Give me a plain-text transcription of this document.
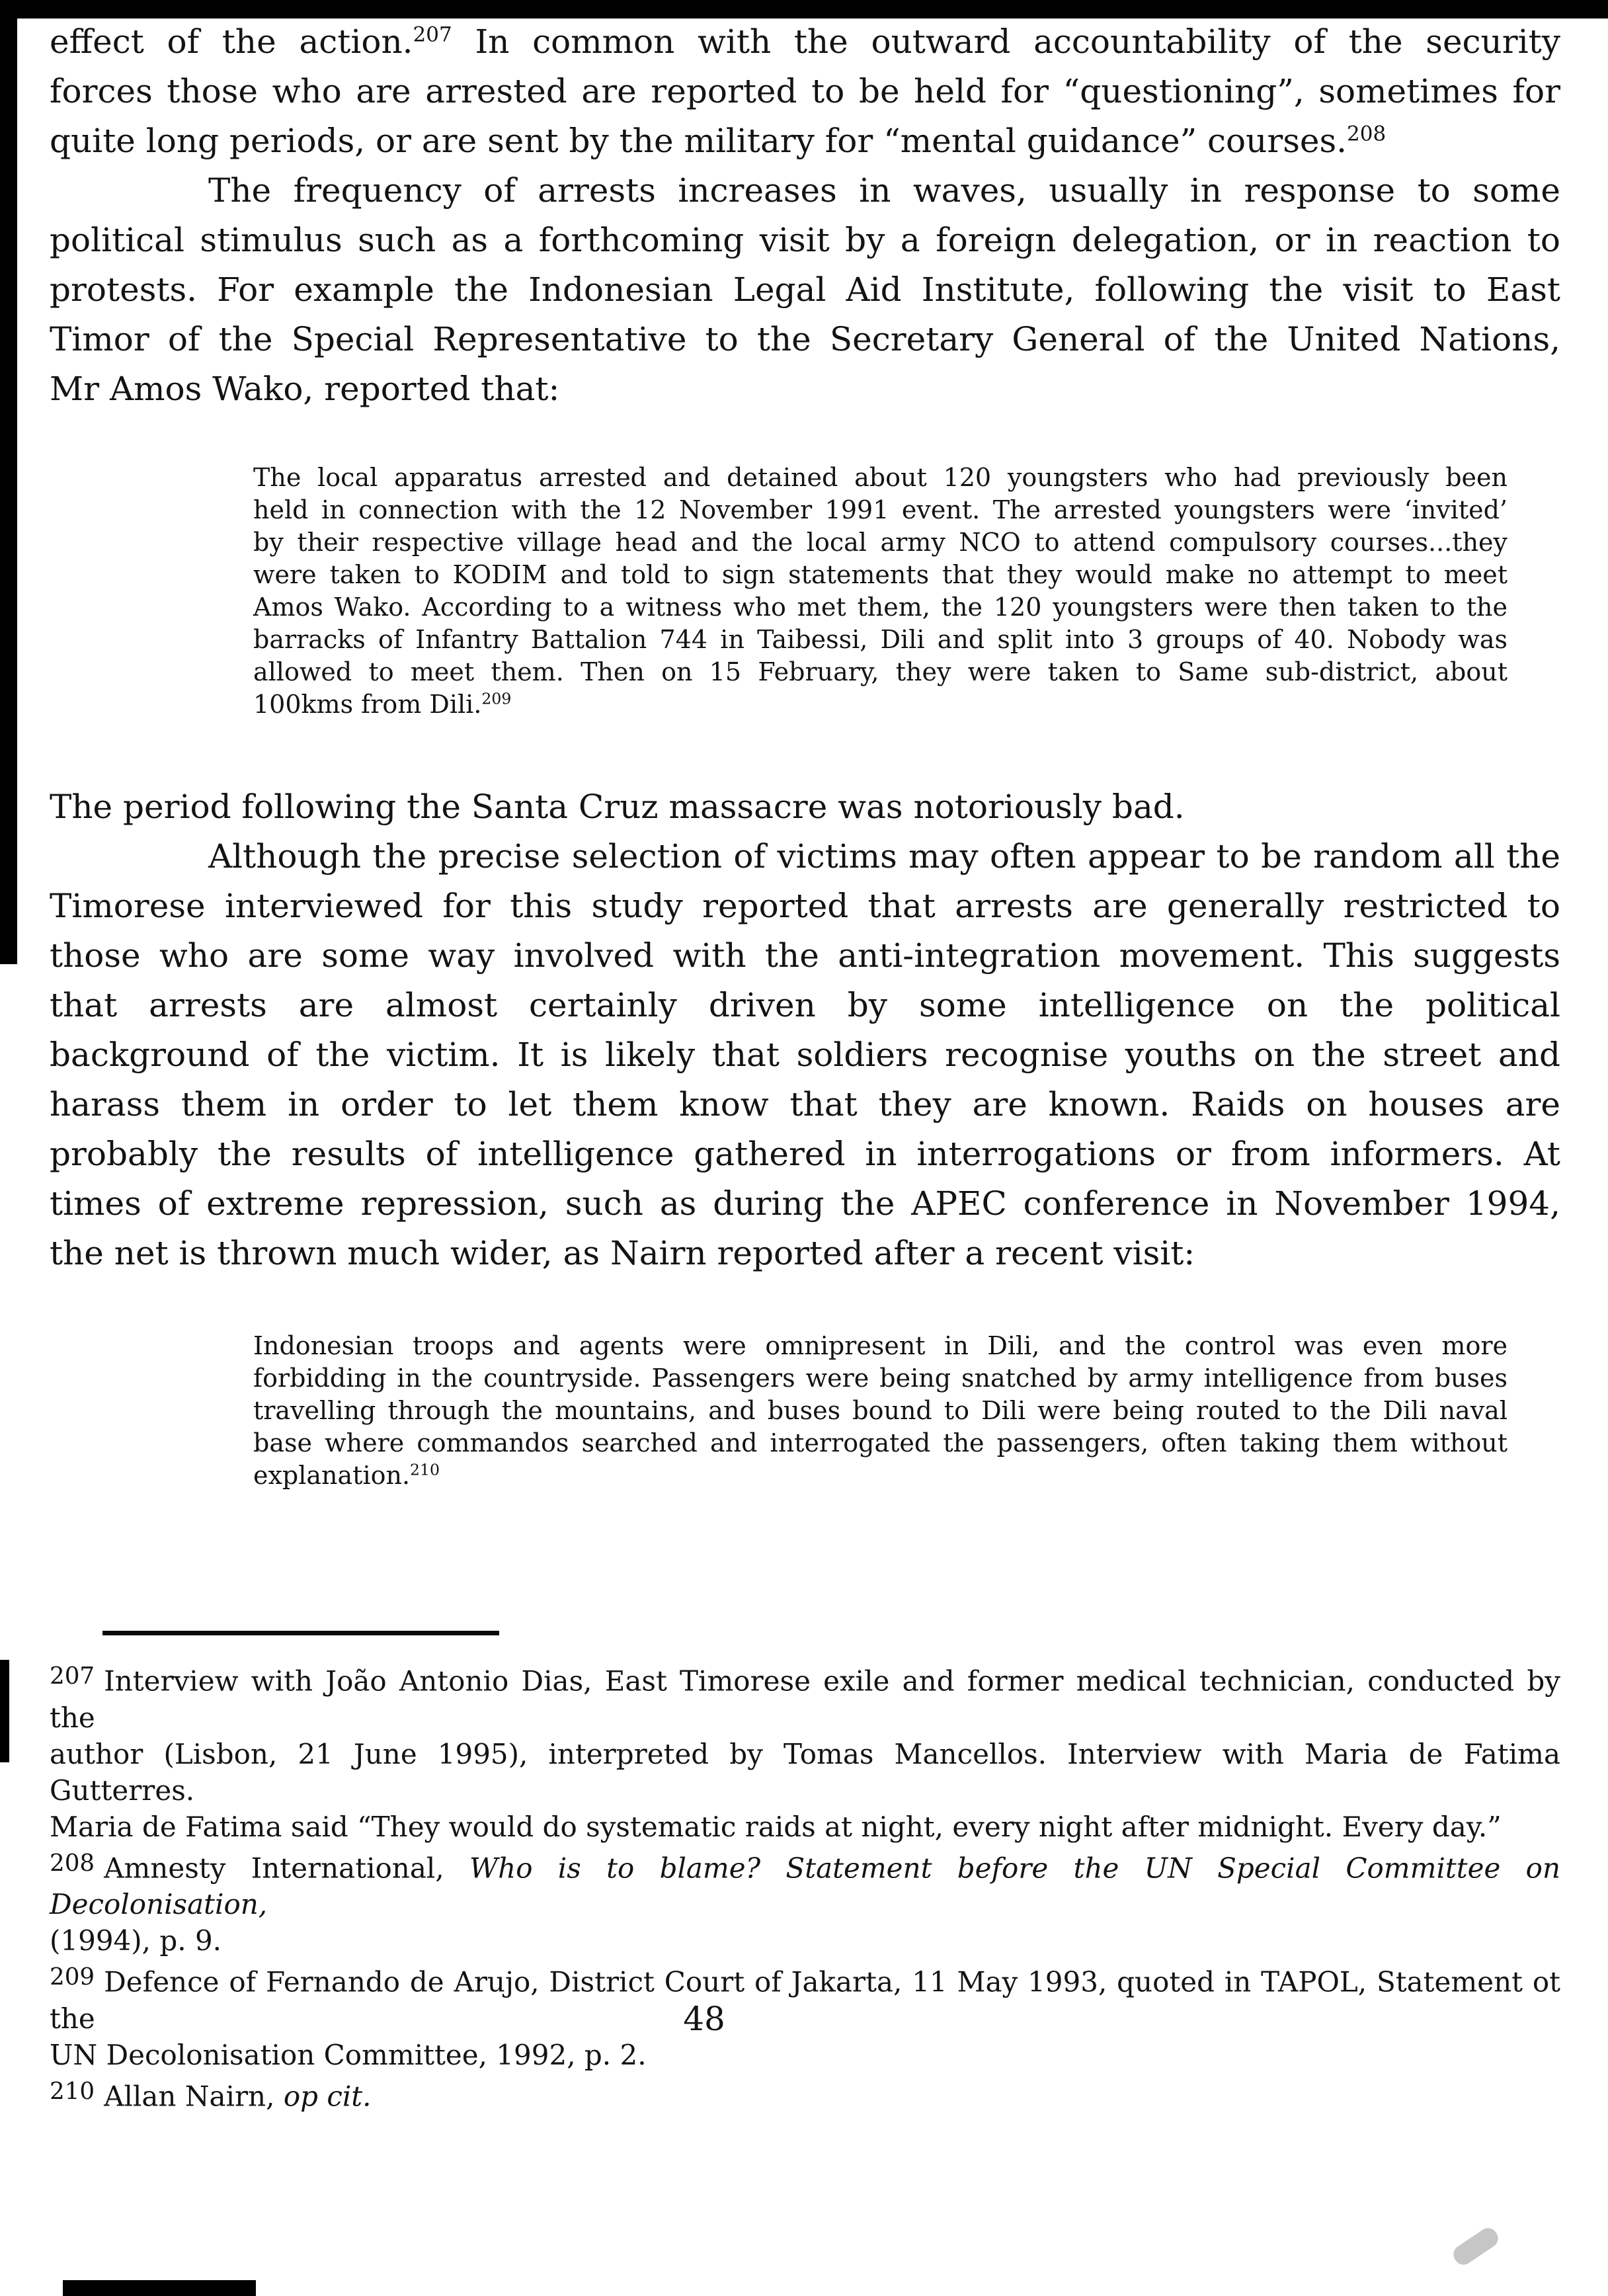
effect of the action.$^{207}$ In common with the outward accountability of the security
forces those who are arrested are reported to be held for “questioning”, sometimes for
quite long periods, or are sent by the military for “mental guidance” courses.$^{208}$
The frequency of arrests increases in waves, usually in response to some
political stimulus such as a forthcoming visit by a foreign delegation, or in reaction to
protests. For example the Indonesian Legal Aid Institute, following the visit to East
Timor of the Special Representative to the Secretary General of the United Nations,
Mr Amos Wako, reported that:
The local apparatus arrested and detained about 120 youngsters who had previously been
held in connection with the 12 November 1991 event. The arrested youngsters were ‘invited’
by their respective village head and the local army NCO to attend compulsory courses...they
were taken to KODIM and told to sign statements that they would make no attempt to meet
Amos Wako. According to a witness who met them, the 120 youngsters were then taken to the
barracks of Infantry Battalion 744 in Taibessi, Dili and split into 3 groups of 40. Nobody was
allowed to meet them. Then on 15 February, they were taken to Same sub-district, about
100kms from Dili.$^{209}$
The period following the Santa Cruz massacre was notoriously bad.
Although the precise selection of victims may often appear to be random all the
Timorese interviewed for this study reported that arrests are generally restricted to
those who are some way involved with the anti-integration movement. This suggests
that arrests are almost certainly driven by some intelligence on the political
background of the victim. It is likely that soldiers recognise youths on the street and
harass them in order to let them know that they are known. Raids on houses are
probably the results of intelligence gathered in interrogations or from informers. At
times of extreme repression, such as during the APEC conference in November 1994,
the net is thrown much wider, as Nairn reported after a recent visit:
Indonesian troops and agents were omnipresent in Dili, and the control was even more
forbidding in the countryside. Passengers were being snatched by army intelligence from buses
travelling through the mountains, and buses bound to Dili were being routed to the Dili naval
base where commandos searched and interrogated the passengers, often taking them without
explanation.$^{210}$
207 Interview with João Antonio Dias, East Timorese exile and former medical technician, conducted by the
author (Lisbon, 21 June 1995), interpreted by Tomas Mancellos. Interview with Maria de Fatima Gutterres.
Maria de Fatima said “They would do systematic raids at night, every night after midnight. Every day.”
208 Amnesty International, Who is to blame? Statement before the UN Special Committee on Decolonisation,
(1994), p. 9.
209 Defence of Fernando de Arujo, District Court of Jakarta, 11 May 1993, quoted in TAPOL, Statement ot the
UN Decolonisation Committee, 1992, p. 2.
210 Allan Nairn, op cit.
48
